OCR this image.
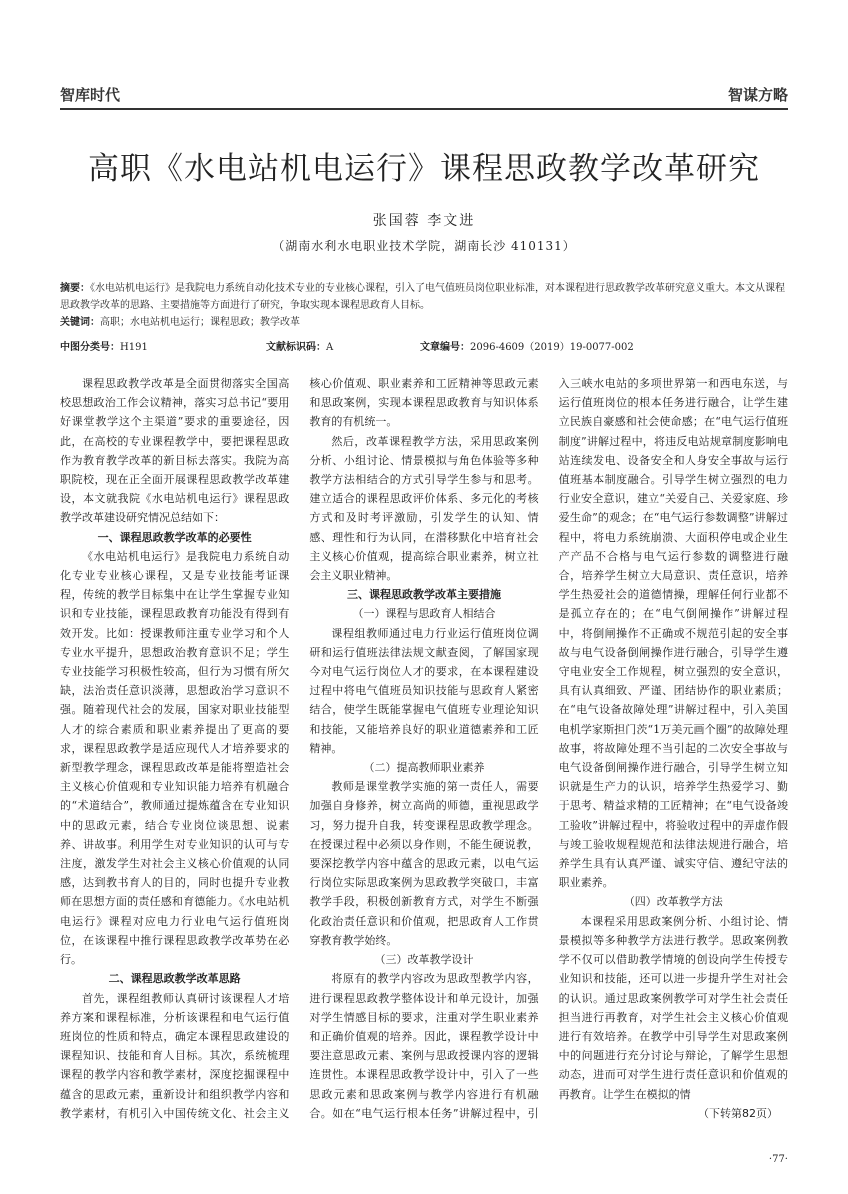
智库时代	智谋方略
高职《水电站机电运行》课程思政教学改革研究
张国蓉 李文进
（湖南水利水电职业技术学院，湖南长沙 410131）
摘要：《水电站机电运行》是我院电力系统自动化技术专业的专业核心课程，引入了电气值班员岗位职业标准，对本课程进行思政教学改革研究意义重大。本文从课程思政教学改革的思路、主要措施等方面进行了研究，争取实现本课程思政育人目标。
关键词：高职；水电站机电运行；课程思政；教学改革
中图分类号：H191	文献标识码：A	文章编号：2096-4609（2019）19-0077-002

课程思政教学改革是全面贯彻落实全国高校思想政治工作会议精神，落实习总书记“要用好课堂教学这个主渠道”要求的重要途径，因此，在高校的专业课程教学中，要把课程思政作为教育教学改革的新目标去落实。我院为高职院校，现在正全面开展课程思政教学改革建设，本文就我院《水电站机电运行》课程思政教学改革建设研究情况总结如下：

一、课程思政教学改革的必要性

《水电站机电运行》是我院电力系统自动化专业专业核心课程，又是专业技能考证课程，传统的教学目标集中在让学生掌握专业知识和专业技能，课程思政教育功能没有得到有效开发。比如：授课教师注重专业学习和个人专业水平提升，思想政治教育意识不足；学生专业技能学习积极性较高，但行为习惯有所欠缺，法治责任意识淡薄，思想政治学习意识不强。随着现代社会的发展，国家对职业技能型人才的综合素质和职业素养提出了更高的要求，课程思政教学是适应现代人才培养要求的新型教学理念，课程思政改革是能将塑造社会主义核心价值观和专业知识能力培养有机融合的“术道结合”，教师通过提炼蕴含在专业知识中的思政元素，结合专业岗位谈思想、说素养、讲故事。利用学生对专业知识的认可与专注度，激发学生对社会主义核心价值观的认同感，达到教书育人的目的，同时也提升专业教师在思想方面的责任感和育德能力。《水电站机电运行》课程对应电力行业电气运行值班岗位，在该课程中推行课程思政教学改革势在必行。

二、课程思政教学改革思路

首先，课程组教师认真研讨该课程人才培养方案和课程标准，分析该课程和电气运行值班岗位的性质和特点，确定本课程思政建设的课程知识、技能和育人目标。其次，系统梳理课程的教学内容和教学素材，深度挖掘课程中蕴含的思政元素，重新设计和组织教学内容和教学素材，有机引入中国传统文化、社会主义核心价值观、职业素养和工匠精神等思政元素和思政案例，实现本课程思政教育与知识体系教育的有机统一。

然后，改革课程教学方法，采用思政案例分析、小组讨论、情景模拟与角色体验等多种教学方法相结合的方式引导学生参与和思考。建立适合的课程思政评价体系、多元化的考核方式和及时考评激励，引发学生的认知、情感、理性和行为认同，在潜移默化中培育社会主义核心价值观，提高综合职业素养，树立社会主义职业精神。

三、课程思政教学改革主要措施
（一）课程与思政育人相结合

课程组教师通过电力行业运行值班岗位调研和运行值班法律法规文献查阅，了解国家现今对电气运行岗位人才的要求，在本课程建设过程中将电气值班员知识技能与思政育人紧密结合，使学生既能掌握电气值班专业理论知识和技能，又能培养良好的职业道德素养和工匠精神。

（二）提高教师职业素养

教师是课堂教学实施的第一责任人，需要加强自身修养，树立高尚的师德，重视思政学习，努力提升自我，转变课程思政教学理念。在授课过程中必须以身作则，不能生硬说教，要深挖教学内容中蕴含的思政元素，以电气运行岗位实际思政案例为思政教学突破口，丰富教学手段，积极创新教育方式，对学生不断强化政治责任意识和价值观，把思政育人工作贯穿教育教学始终。

（三）改革教学设计

将原有的教学内容改为思政型教学内容，进行课程思政教学整体设计和单元设计，加强对学生情感目标的要求，注重对学生职业素养和正确价值观的培养。因此，课程教学设计中要注意思政元素、案例与思政授课内容的逻辑连贯性。本课程思政教学设计中，引入了一些思政元素和思政案例与教学内容进行有机融合。如在“电气运行根本任务”讲解过程中，引入三峡水电站的多项世界第一和西电东送，与运行值班岗位的根本任务进行融合，让学生建立民族自豪感和社会使命感；在“电气运行值班制度”讲解过程中，将违反电站规章制度影响电站连续发电、设备安全和人身安全事故与运行值班基本制度融合。引导学生树立强烈的电力行业安全意识，建立“关爱自己、关爱家庭、珍爱生命”的观念；在“电气运行参数调整”讲解过程中，将电力系统崩溃、大面积停电或企业生产产品不合格与电气运行参数的调整进行融合，培养学生树立大局意识、责任意识，培养学生热爱社会的道德情操，理解任何行业都不是孤立存在的；在“电气倒闸操作”讲解过程中，将倒闸操作不正确或不规范引起的安全事故与电气设备倒闸操作进行融合，引导学生遵守电业安全工作规程，树立强烈的安全意识，具有认真细致、严谨、团结协作的职业素质；在“电气设备故障处理”讲解过程中，引入美国电机学家斯担门茨“1万美元画个圈”的故障处理故事，将故障处理不当引起的二次安全事故与电气设备倒闸操作进行融合，引导学生树立知识就是生产力的认识，培养学生热爱学习、勤于思考、精益求精的工匠精神；在“电气设备竣工验收”讲解过程中，将验收过程中的弄虚作假与竣工验收规程规范和法律法规进行融合，培养学生具有认真严谨、诚实守信、遵纪守法的职业素养。

（四）改革教学方法

本课程采用思政案例分析、小组讨论、情景模拟等多种教学方法进行教学。思政案例教学不仅可以借助教学情境的创设向学生传授专业知识和技能，还可以进一步提升学生对社会的认识。通过思政案例教学可对学生社会责任担当进行再教育，对学生社会主义核心价值观进行有效培养。在教学中引导学生对思政案例中的问题进行充分讨论与辩论，了解学生思想动态，进而可对学生进行责任意识和价值观的再教育。让学生在模拟的情

（下转第82页）
·77·
